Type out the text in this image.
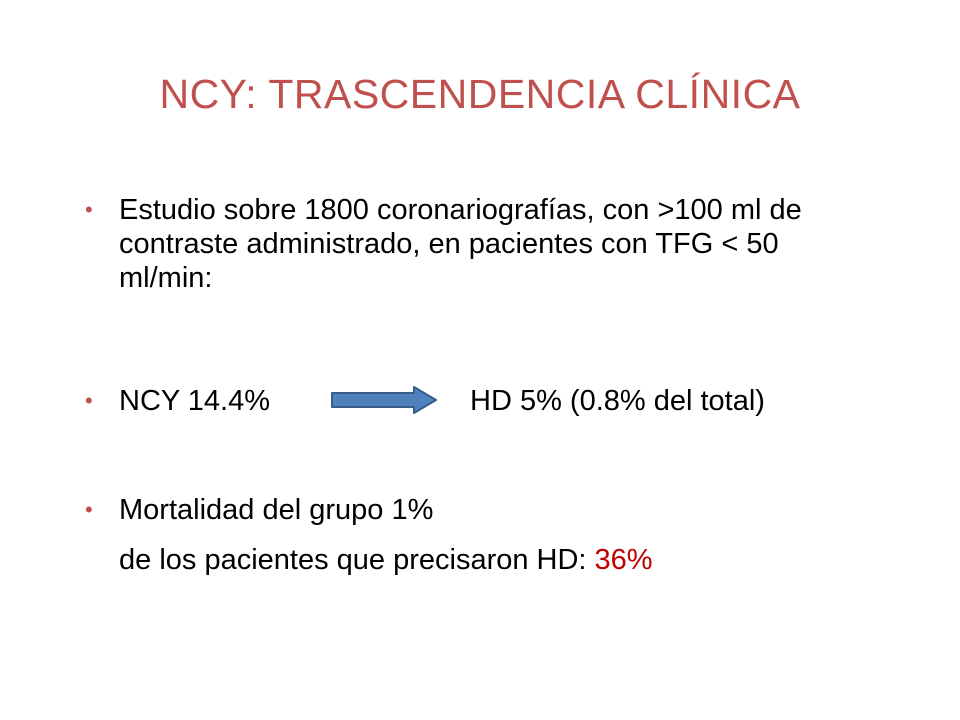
NCY: TRASCENDENCIA CLÍNICA
• Estudio sobre 1800 coronariografías, con >100 ml de contraste administrado, en pacientes con TFG < 50 ml/min:
• NCY 14.4%	HD 5% (0.8% del total)
• Mortalidad del grupo 1%
de los pacientes que precisaron HD: 36%
